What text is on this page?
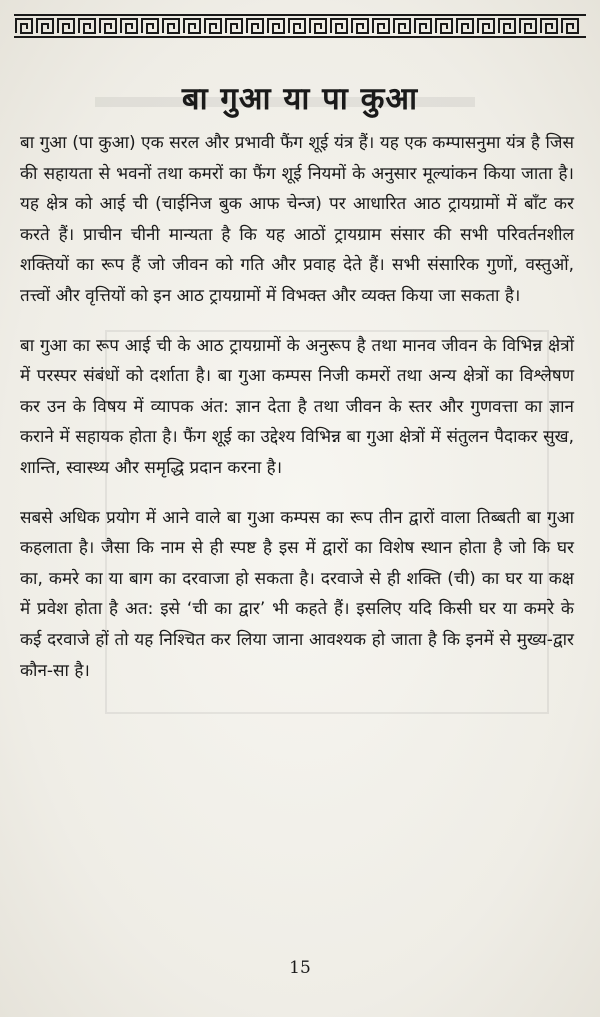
बा गुआ या पा कुआ

बा गुआ (पा कुआ) एक सरल और प्रभावी फैंग शूई यंत्र हैं। यह एक कम्पासनुमा यंत्र है जिस की सहायता से भवनों तथा कमरों का फैंग शूई नियमों के अनुसार मूल्यांकन किया जाता है। यह क्षेत्र को आई ची (चाईनिज बुक आफ चेन्ज) पर आधारित आठ ट्रायग्रामों में बाँट कर करते हैं। प्राचीन चीनी मान्यता है कि यह आठों ट्रायग्राम संसार की सभी परिवर्तनशील शक्तियों का रूप हैं जो जीवन को गति और प्रवाह देते हैं। सभी संसारिक गुणों, वस्तुओं, तत्त्वों और वृत्तियों को इन आठ ट्रायग्रामों में विभक्त और व्यक्त किया जा सकता है।

बा गुआ का रूप आई ची के आठ ट्रायग्रामों के अनुरूप है तथा मानव जीवन के विभिन्न क्षेत्रों में परस्पर संबंधों को दर्शाता है। बा गुआ कम्पस निजी कमरों तथा अन्य क्षेत्रों का विश्लेषण कर उन के विषय में व्यापक अंत: ज्ञान देता है तथा जीवन के स्तर और गुणवत्ता का ज्ञान कराने में सहायक होता है। फैंग शूई का उद्देश्य विभिन्न बा गुआ क्षेत्रों में संतुलन पैदाकर सुख, शान्ति, स्वास्थ्य और समृद्धि प्रदान करना है।

सबसे अधिक प्रयोग में आने वाले बा गुआ कम्पस का रूप तीन द्वारों वाला तिब्बती बा गुआ कहलाता है। जैसा कि नाम से ही स्पष्ट है इस में द्वारों का विशेष स्थान होता है जो कि घर का, कमरे का या बाग का दरवाजा हो सकता है। दरवाजे से ही शक्ति (ची) का घर या कक्ष में प्रवेश होता है अत: इसे ‘ची का द्वार’ भी कहते हैं। इसलिए यदि किसी घर या कमरे के कई दरवाजे हों तो यह निश्चित कर लिया जाना आवश्यक हो जाता है कि इनमें से मुख्य-द्वार कौन-सा है।

15
